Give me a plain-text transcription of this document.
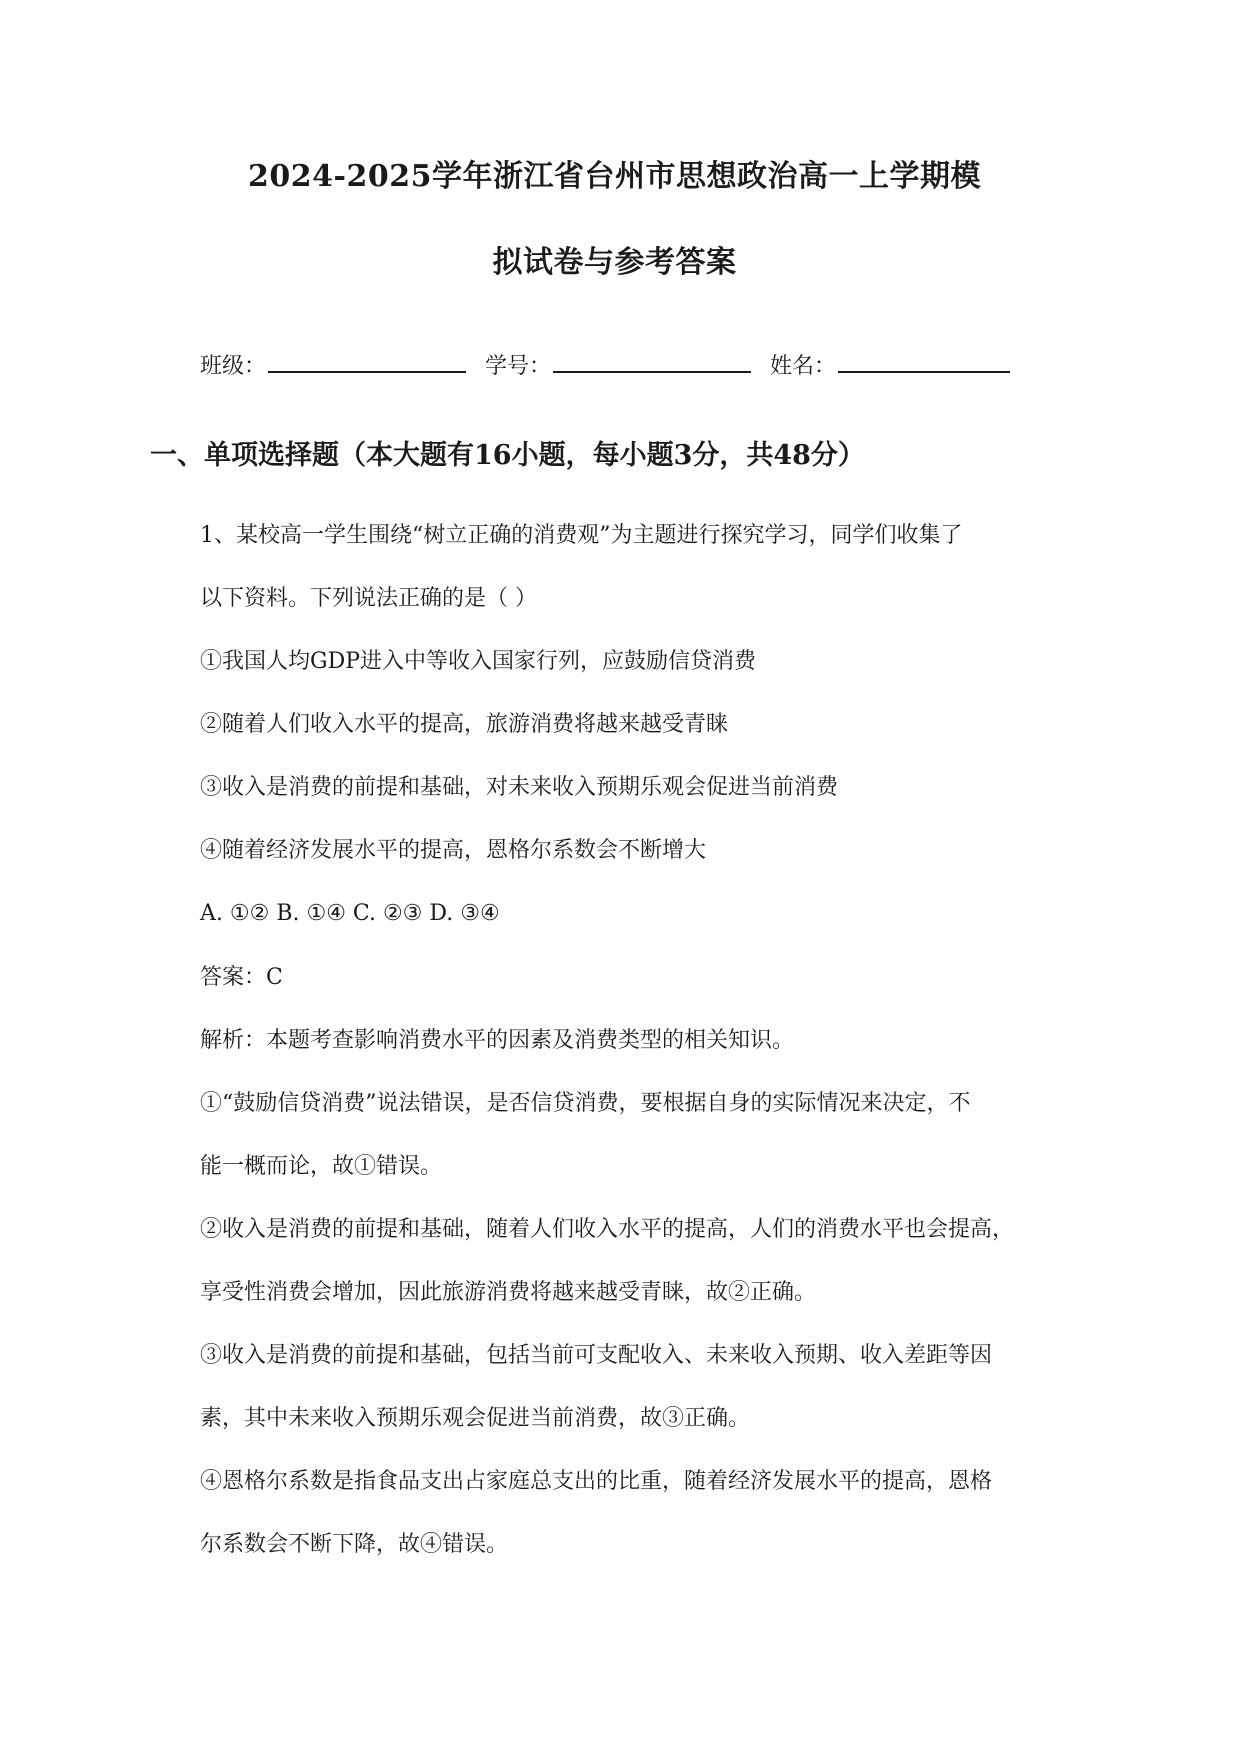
2024-2025学年浙江省台州市思想政治高一上学期模
拟试卷与参考答案
班级：	学号：	姓名：
一、单项选择题（本大题有16小题，每小题3分，共48分）
1、某校高一学生围绕“树立正确的消费观”为主题进行探究学习，同学们收集了
以下资料。下列说法正确的是（ ）
①我国人均GDP进入中等收入国家行列，应鼓励信贷消费
②随着人们收入水平的提高，旅游消费将越来越受青睐
③收入是消费的前提和基础，对未来收入预期乐观会促进当前消费
④随着经济发展水平的提高，恩格尔系数会不断增大
A. ①② B. ①④ C. ②③ D. ③④
答案：C
解析：本题考查影响消费水平的因素及消费类型的相关知识。
①“鼓励信贷消费”说法错误，是否信贷消费，要根据自身的实际情况来决定，不
能一概而论，故①错误。
②收入是消费的前提和基础，随着人们收入水平的提高，人们的消费水平也会提高，
享受性消费会增加，因此旅游消费将越来越受青睐，故②正确。
③收入是消费的前提和基础，包括当前可支配收入、未来收入预期、收入差距等因
素，其中未来收入预期乐观会促进当前消费，故③正确。
④恩格尔系数是指食品支出占家庭总支出的比重，随着经济发展水平的提高，恩格
尔系数会不断下降，故④错误。
